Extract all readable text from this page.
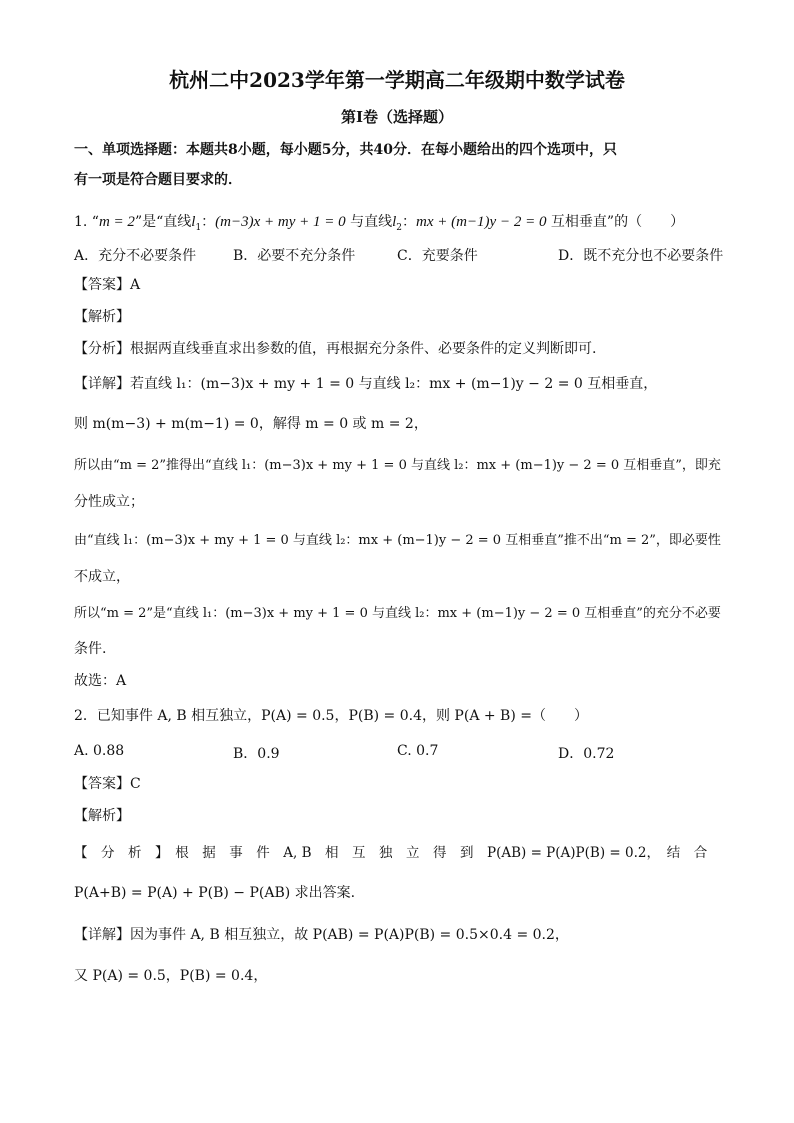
杭州二中2023学年第一学期高二年级期中数学试卷
第Ⅰ卷（选择题）
一、单项选择题：本题共8小题，每小题5分，共40分．在每小题给出的四个选项中，只
有一项是符合题目要求的．
1. “m = 2”是“直线$l_1$：(m−3)x + my + 1 = 0 与直线$l_2$：mx + (m−1)y − 2 = 0 互相垂直”的（　　）
A．充分不必要条件	B．必要不充分条件	C．充要条件	D．既不充分也不必要条件
【答案】A
【解析】
【分析】根据两直线垂直求出参数的值，再根据充分条件、必要条件的定义判断即可.
【详解】若直线 l₁：(m−3)x + my + 1 = 0 与直线 l₂：mx + (m−1)y − 2 = 0 互相垂直，
则 m(m−3) + m(m−1) = 0，解得 m = 0 或 m = 2，
所以由“m = 2”推得出“直线 l₁：(m−3)x + my + 1 = 0 与直线 l₂：mx + (m−1)y − 2 = 0 互相垂直”，即充
分性成立；
由“直线 l₁：(m−3)x + my + 1 = 0 与直线 l₂：mx + (m−1)y − 2 = 0 互相垂直”推不出“m = 2”，即必要性
不成立，
所以“m = 2”是“直线 l₁：(m−3)x + my + 1 = 0 与直线 l₂：mx + (m−1)y − 2 = 0 互相垂直”的充分不必要
条件.
故选：A
2．已知事件 A, B 相互独立，P(A) = 0.5，P(B) = 0.4，则 P(A + B) =（　　）
A. 0.88	B．0.9	C. 0.7	D．0.72
【答案】C
【解析】
【　分　析　】　根　据　事　件　A, B　相　互　独　立　得　到　P(AB) = P(A)P(B) = 0.2，　结　合
P(A+B) = P(A) + P(B) − P(AB) 求出答案.
【详解】因为事件 A, B 相互独立，故 P(AB) = P(A)P(B) = 0.5×0.4 = 0.2，
又 P(A) = 0.5，P(B) = 0.4，
